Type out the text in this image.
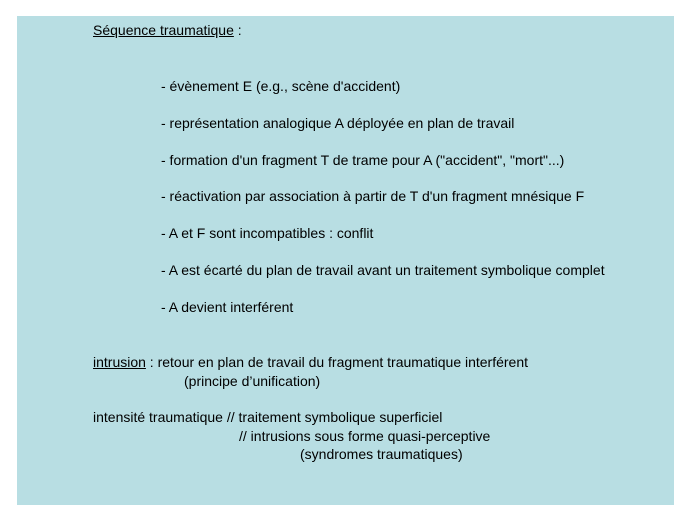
Séquence traumatique :
- évènement E (e.g., scène d'accident)
- représentation analogique A déployée en plan de travail
- formation d'un fragment T de trame pour A ("accident", "mort"...)
- réactivation par association à partir de T d'un fragment mnésique F
- A et F sont incompatibles : conflit
- A est écarté du plan de travail avant un traitement symbolique complet
- A devient interférent
intrusion : retour en plan de travail du fragment traumatique interférent
(principe d’unification)
intensité traumatique // traitement symbolique superficiel
// intrusions sous forme quasi-perceptive
(syndromes traumatiques)
